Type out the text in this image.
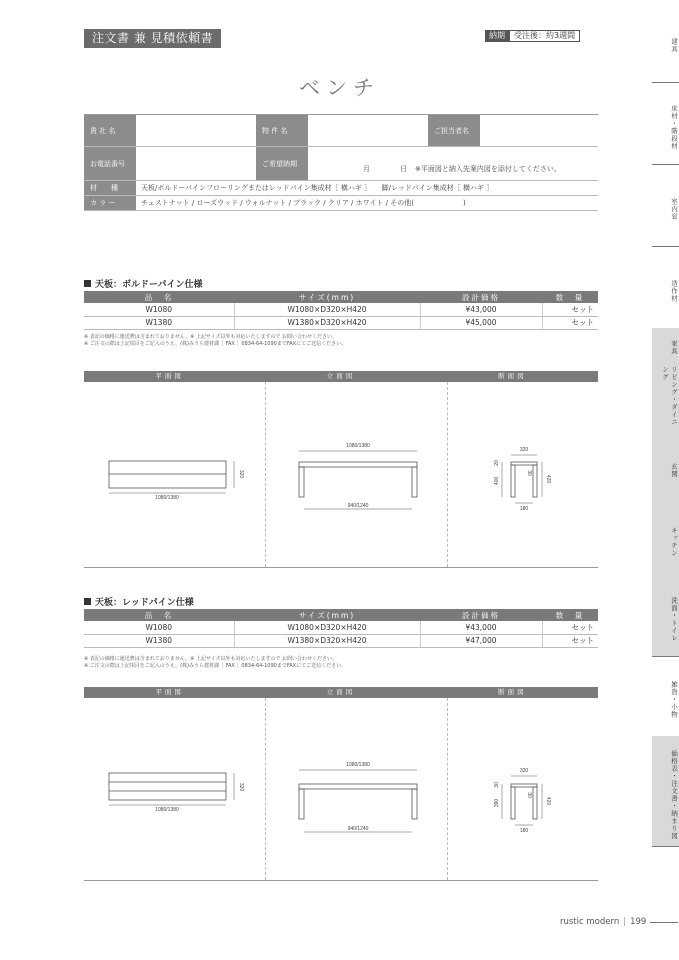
注文書 兼 見積依頼書	納期	受注後：約3週間
ベンチ
貴 社 名	物 件 名	ご担当者名
お電話番号	ご希望納期
月	日 ※平面図と納入先案内図を添付してください。
材　　種	天板/ボルドーパインフローリングまたはレッドパイン集成材［ 横ハギ ］　　脚/レッドパイン集成材［ 横ハギ ］
カ ラ ー	チェストナット / ローズウッド / ウォルナット / ブラック / クリア / ホワイト / その他(　　　　　　　)
天板：ボルドーパイン仕様
品　名	サイズ(mm)	設計価格	数　量
W1080	W1080×D320×H420	¥43,000	セット
W1380	W1380×D320×H420	¥45,000	セット
※ 表記の価格に運送費は含まれておりません。※ 上記サイズ以外も対応いたしますので お問い合わせください。
※ ご注文の際は上記項目をご記入のうえ、(株)みうら建材課［ FAX ］0834-64-1090までFAXにてご送信ください。
平面図	立面図	断面図
1080/1380
320
1080/1380
940/1240
320
20
400	420
30
180
天板：レッドパイン仕様
品　名	サイズ(mm)	設計価格	数　量
W1080	W1080×D320×H420	¥43,000	セット
W1380	W1380×D320×H420	¥47,000	セット
※ 表記の価格に運送費は含まれておりません。※ 上記サイズ以外も対応いたしますので お問い合わせください。
※ ご注文の際は上記項目をご記入のうえ、(株)みうら建材課［ FAX ］0834-64-1090までFAXにてご送信ください。
平面図	立面図	断面図
1080/1380
320
1080/1380
940/1240
320
30
390	420
30
180
建具
床材・階段材
室内窓
造作材
家具
リビング・ダイニング
玄関
キッチン
洗面・トイレ
雑貨・小物
価格表・注文書・納まり図
rustic modern | 199
